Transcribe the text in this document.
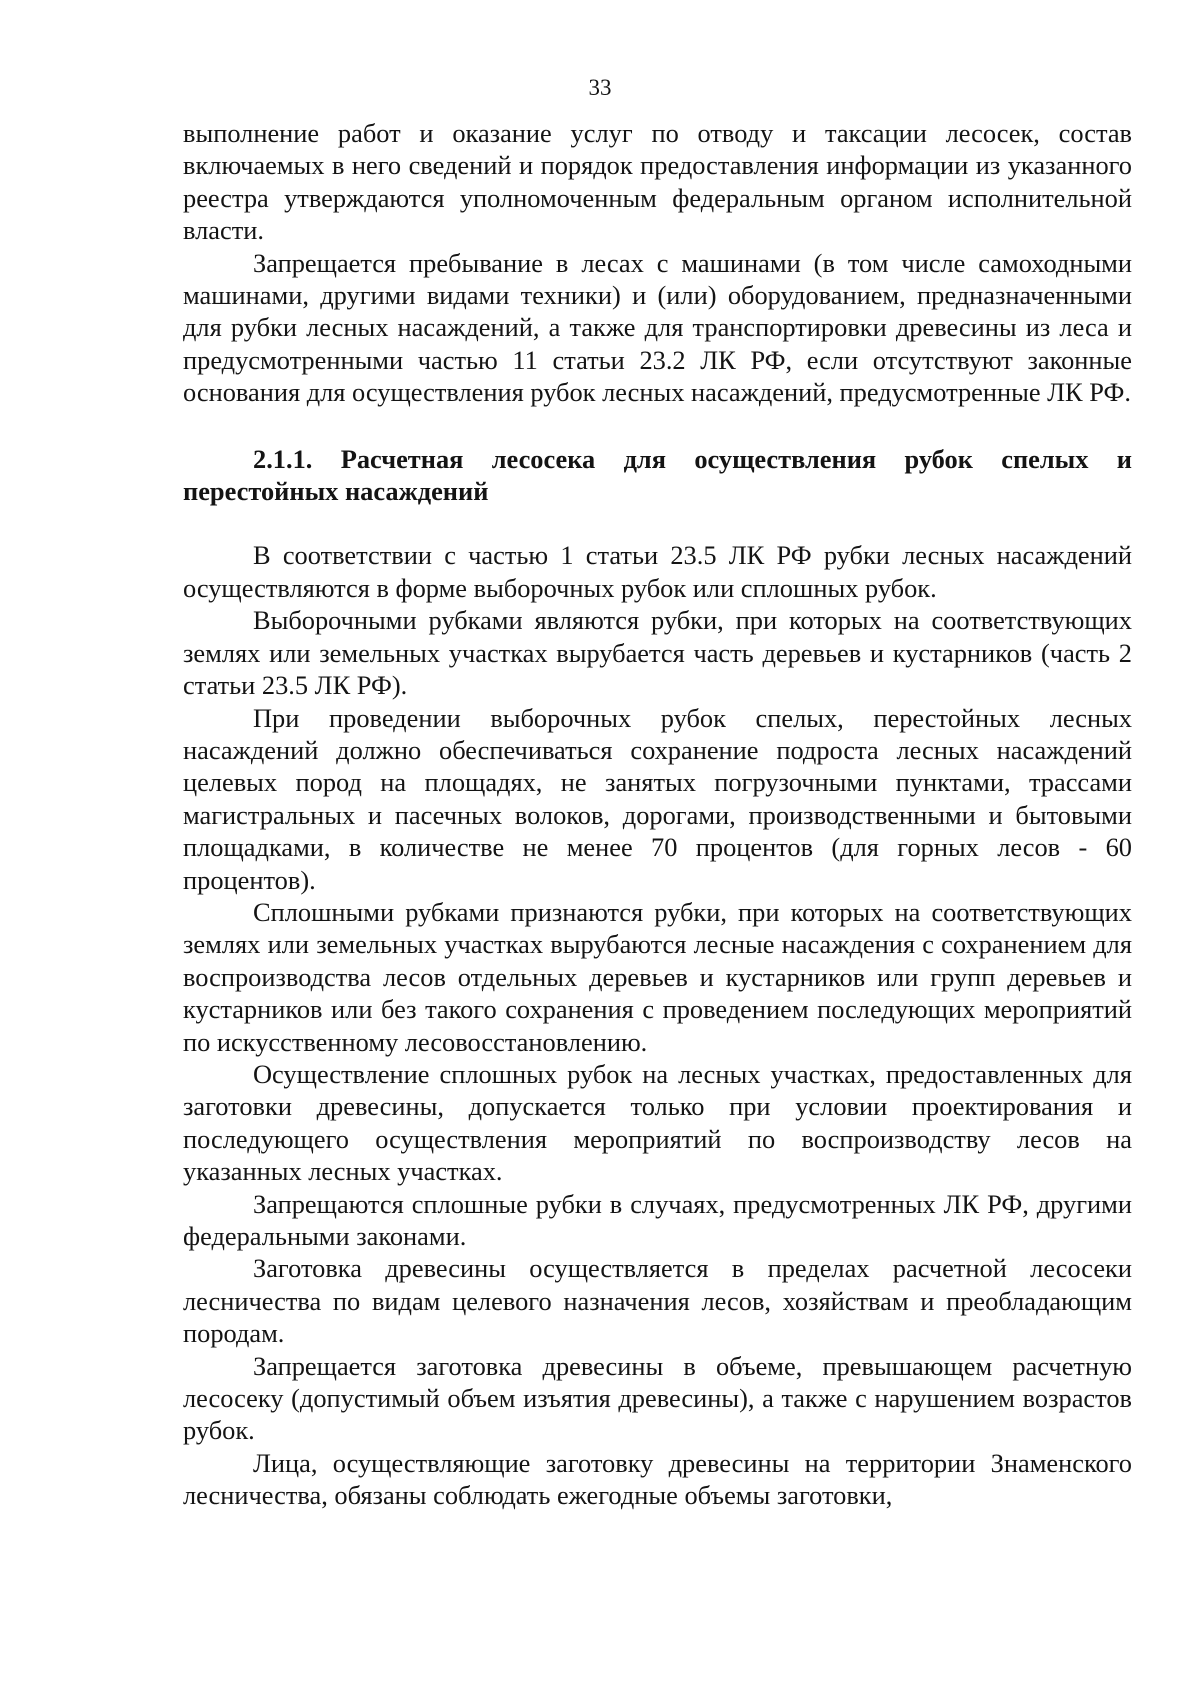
33

выполнение работ и оказание услуг по отводу и таксации лесосек, состав включаемых в него сведений и порядок предоставления информации из указанного реестра утверждаются уполномоченным федеральным органом исполнительной власти.

Запрещается пребывание в лесах с машинами (в том числе самоходными машинами, другими видами техники) и (или) оборудованием, предназначенными для рубки лесных насаждений, а также для транспортировки древесины из леса и предусмотренными частью 11 статьи 23.2 ЛК РФ, если отсутствуют законные основания для осуществления рубок лесных насаждений, предусмотренные ЛК РФ.

2.1.1. Расчетная лесосека для осуществления рубок спелых и перестойных насаждений

В соответствии с частью 1 статьи 23.5 ЛК РФ рубки лесных насаждений осуществляются в форме выборочных рубок или сплошных рубок.

Выборочными рубками являются рубки, при которых на соответствующих землях или земельных участках вырубается часть деревьев и кустарников (часть 2 статьи 23.5 ЛК РФ).

При проведении выборочных рубок спелых, перестойных лесных насаждений должно обеспечиваться сохранение подроста лесных насаждений целевых пород на площадях, не занятых погрузочными пунктами, трассами магистральных и пасечных волоков, дорогами, производственными и бытовыми площадками, в количестве не менее 70 процентов (для горных лесов - 60 процентов).

Сплошными рубками признаются рубки, при которых на соответствующих землях или земельных участках вырубаются лесные насаждения с сохранением для воспроизводства лесов отдельных деревьев и кустарников или групп деревьев и кустарников или без такого сохранения с проведением последующих мероприятий по искусственному лесовосстановлению.

Осуществление сплошных рубок на лесных участках, предоставленных для заготовки древесины, допускается только при условии проектирования и последующего осуществления мероприятий по воспроизводству лесов на указанных лесных участках.

Запрещаются сплошные рубки в случаях, предусмотренных ЛК РФ, другими федеральными законами.

Заготовка древесины осуществляется в пределах расчетной лесосеки лесничества по видам целевого назначения лесов, хозяйствам и преобладающим породам.

Запрещается заготовка древесины в объеме, превышающем расчетную лесосеку (допустимый объем изъятия древесины), а также с нарушением возрастов рубок.

Лица, осуществляющие заготовку древесины на территории Знаменского лесничества, обязаны соблюдать ежегодные объемы заготовки,
